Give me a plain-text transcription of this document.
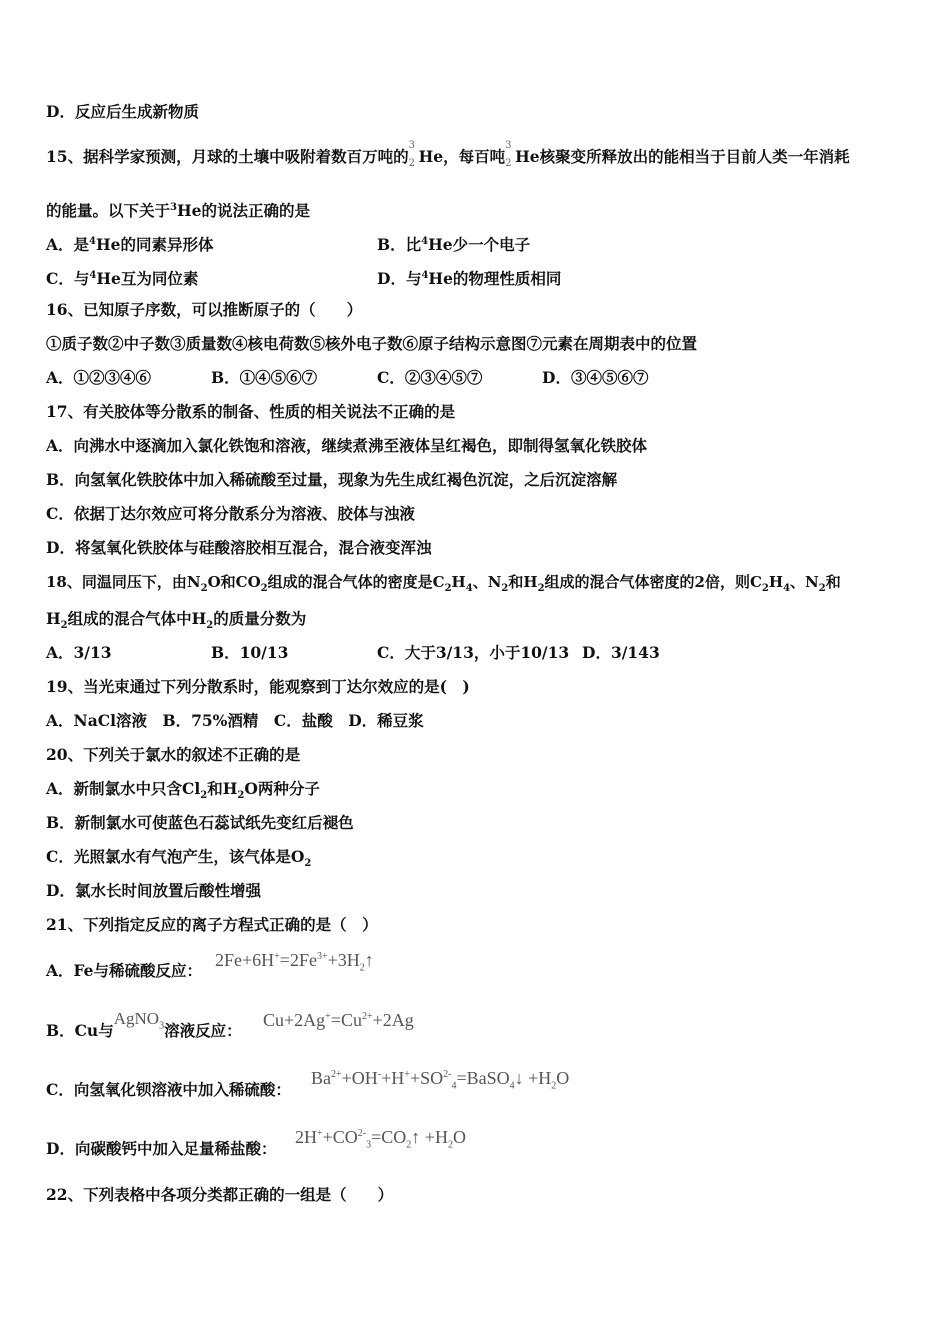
D．反应后生成新物质
15、据科学家预测，月球的土壤中吸附着数百万吨的
3
2 He，每百吨
3
2 He核聚变所释放出的能相当于目前人类一年消耗
的能量。以下关于$^3$He的说法正确的是
A．是$^4$He的同素异形体	B．比$^4$He少一个电子
C．与$^4$He互为同位素	D．与$^4$He的物理性质相同
16、已知原子序数，可以推断原子的（　　）
①质子数②中子数③质量数④核电荷数⑤核外电子数⑥原子结构示意图⑦元素在周期表中的位置
A．①②③④⑥	B．①④⑤⑥⑦	C．②③④⑤⑦	D．③④⑤⑥⑦
17、有关胶体等分散系的制备、性质的相关说法不正确的是
A．向沸水中逐滴加入氯化铁饱和溶液，继续煮沸至液体呈红褐色，即制得氢氧化铁胶体
B．向氢氧化铁胶体中加入稀硫酸至过量，现象为先生成红褐色沉淀，之后沉淀溶解
C．依据丁达尔效应可将分散系分为溶液、胶体与浊液
D．将氢氧化铁胶体与硅酸溶胶相互混合，混合液变浑浊
18、同温同压下，由$N_2O$和$CO_2$组成的混合气体的密度是$C_2H_4$、$N_2$和$H_2$组成的混合气体密度的2倍，则$C_2H_4$、$N_2$和
$H_2$组成的混合气体中$H_2$的质量分数为
A．3/13	B．10/13	C．大于3/13，小于10/13 D．3/143
19、当光束通过下列分散系时，能观察到丁达尔效应的是(　)
A．NaCl溶液　B．75%酒精　C．盐酸　D．稀豆浆
20、下列关于氯水的叙述不正确的是
A．新制氯水中只含$Cl_2$和$H_2O$两种分子
B．新制氯水可使蓝色石蕊试纸先变红后褪色
C．光照氯水有气泡产生，该气体是$O_2$
D．氯水长时间放置后酸性增强
21、下列指定反应的离子方程式正确的是（　）
A．Fe与稀硫酸反应：
$2Fe+6H^+=2Fe^{3+}+3H_2↑$
B．Cu与AgNO$_3$溶液反应：
$Cu+2Ag^+=Cu^{2+}+2Ag$
C．向氢氧化钡溶液中加入稀硫酸：
$Ba^{2+}+OH^-+H^++SO^{2-}_4=BaSO_4↓ +H_2O$
D．向碳酸钙中加入足量稀盐酸：
$2H^++CO^{2-}_3=CO_2↑ +H_2O$
22、下列表格中各项分类都正确的一组是（　　）
